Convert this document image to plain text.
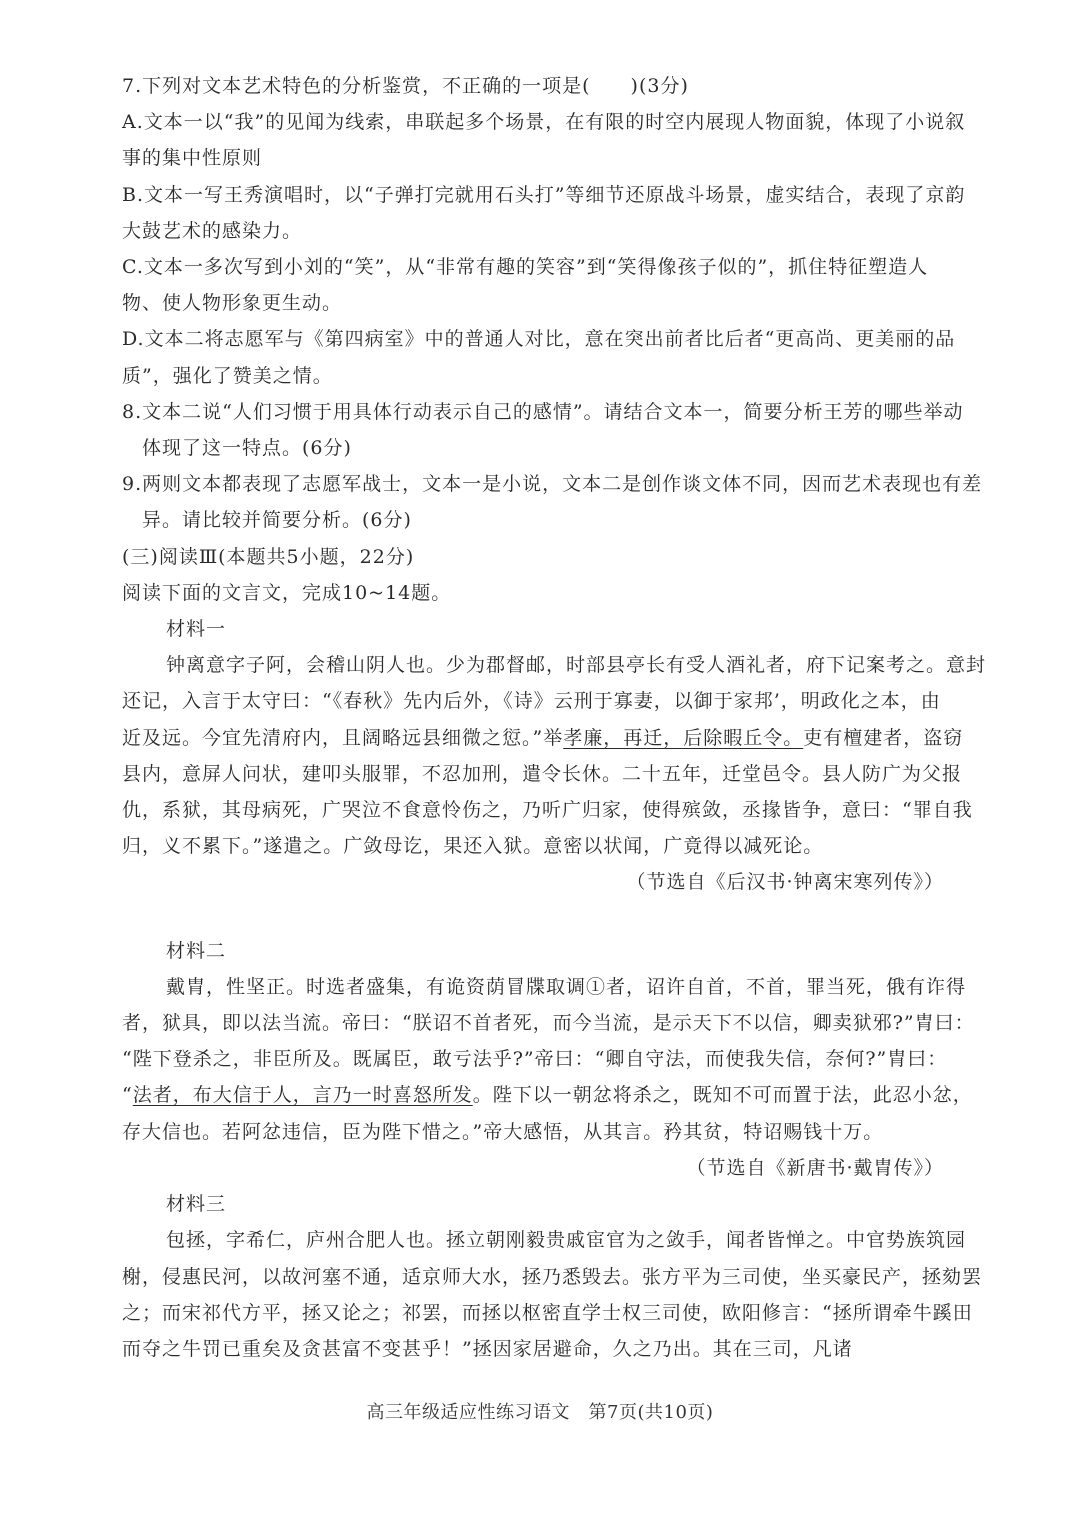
7.下列对文本艺术特色的分析鉴赏，不正确的一项是(　　)(3分)

A.文本一以“我”的见闻为线索，串联起多个场景，在有限的时空内展现人物面貌，体现了小说叙

事的集中性原则

B.文本一写王秀演唱时，以“子弹打完就用石头打”等细节还原战斗场景，虚实结合，表现了京韵

大鼓艺术的感染力。

C.文本一多次写到小刘的“笑”，从“非常有趣的笑容”到“笑得像孩子似的”，抓住特征塑造人

物、使人物形象更生动。

D.文本二将志愿军与《第四病室》中的普通人对比，意在突出前者比后者“更高尚、更美丽的品

质”，强化了赞美之情。

8.文本二说“人们习惯于用具体行动表示自己的感情”。请结合文本一，简要分析王芳的哪些举动

体现了这一特点。(6分)

9.两则文本都表现了志愿军战士，文本一是小说，文本二是创作谈文体不同，因而艺术表现也有差

异。请比较并简要分析。(6分)

(三)阅读Ⅲ(本题共5小题，22分)

阅读下面的文言文，完成10~14题。

材料一

钟离意字子阿，会稽山阴人也。少为郡督邮，时部县亭长有受人酒礼者，府下记案考之。意封

还记，入言于太守曰：“《春秋》先内后外，《诗》云刑于寡妻，以御于家邦’，明政化之本，由

近及远。今宜先清府内，且阔略远县细微之愆。”举孝廉，再迁，后除暇丘令。吏有檀建者，盗窃

县内，意屏人问状，建叩头服罪，不忍加刑，遣令长休。二十五年，迁堂邑令。县人防广为父报

仇，系狱，其母病死，广哭泣不食意怜伤之，乃听广归家，使得殡敛，丞掾皆争，意曰：“罪自我

归，义不累下。”遂遣之。广敛母讫，果还入狱。意密以状闻，广竟得以减死论。

（节选自《后汉书·钟离宋寒列传》）

材料二

戴胄，性坚正。时选者盛集，有诡资荫冒牒取调①者，诏许自首，不首，罪当死，俄有诈得

者，狱具，即以法当流。帝曰：“朕诏不首者死，而今当流，是示天下不以信，卿卖狱邪?”胄曰：

“陛下登杀之，非臣所及。既属臣，敢亏法乎?”帝曰：“卿自守法，而使我失信，奈何?”胄曰：

“法者，布大信于人，言乃一时喜怒所发。陛下以一朝忿将杀之，既知不可而置于法，此忍小忿，

存大信也。若阿忿违信，臣为陛下惜之。”帝大感悟，从其言。矜其贫，特诏赐钱十万。

（节选自《新唐书·戴胄传》）

材料三

包拯，字希仁，庐州合肥人也。拯立朝刚毅贵戚宦官为之敛手，闻者皆惮之。中官势族筑园

榭，侵惠民河，以故河塞不通，适京师大水，拯乃悉毁去。张方平为三司使，坐买豪民产，拯劾罢

之；而宋祁代方平，拯又论之；祁罢，而拯以枢密直学士权三司使，欧阳修言：“拯所谓牵牛蹊田

而夺之牛罚已重矣及贪甚富不变甚乎！”拯因家居避命，久之乃出。其在三司，凡诸

高三年级适应性练习语文　第7页(共10页)
